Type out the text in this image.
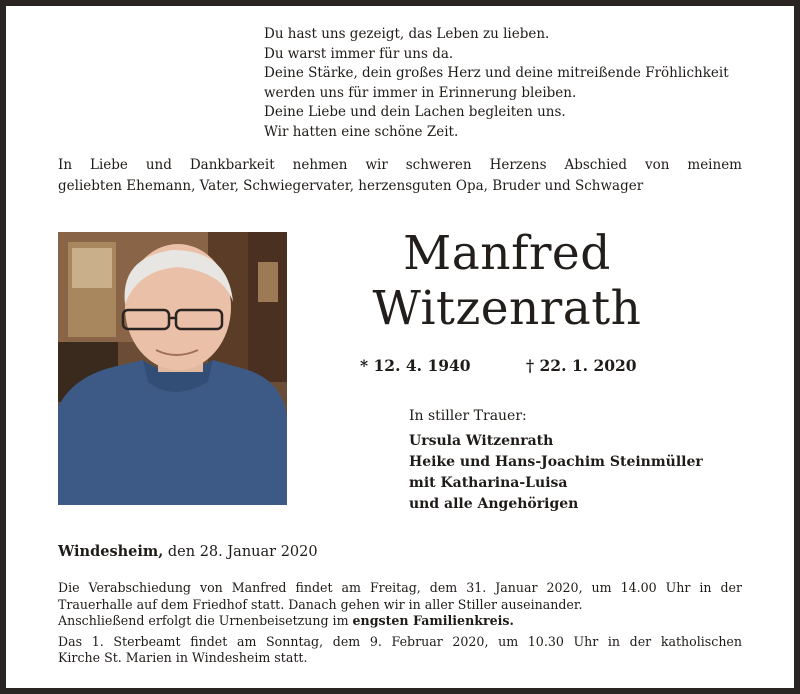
Du hast uns gezeigt, das Leben zu lieben.
Du warst immer für uns da.
Deine Stärke, dein großes Herz und deine mitreißende Fröhlichkeit
werden uns für immer in Erinnerung bleiben.
Deine Liebe und dein Lachen begleiten uns.
Wir hatten eine schöne Zeit.
In Liebe und Dankbarkeit nehmen wir schweren Herzens Abschied von meinem
geliebten Ehemann, Vater, Schwiegervater, herzensguten Opa, Bruder und Schwager
Manfred
Witzenrath
* 12. 4. 1940	† 22. 1. 2020
In stiller Trauer:
Ursula Witzenrath
Heike und Hans-Joachim Steinmüller
mit Katharina-Luisa
und alle Angehörigen
Windesheim, den 28. Januar 2020
Die Verabschiedung von Manfred findet am Freitag, dem 31. Januar 2020, um 14.00 Uhr in der
Trauerhalle auf dem Friedhof statt. Danach gehen wir in aller Stiller auseinander.
Anschließend erfolgt die Urnenbeisetzung im engsten Familienkreis.
Das 1. Sterbeamt findet am Sonntag, dem 9. Februar 2020, um 10.30 Uhr in der katholischen
Kirche St. Marien in Windesheim statt.
